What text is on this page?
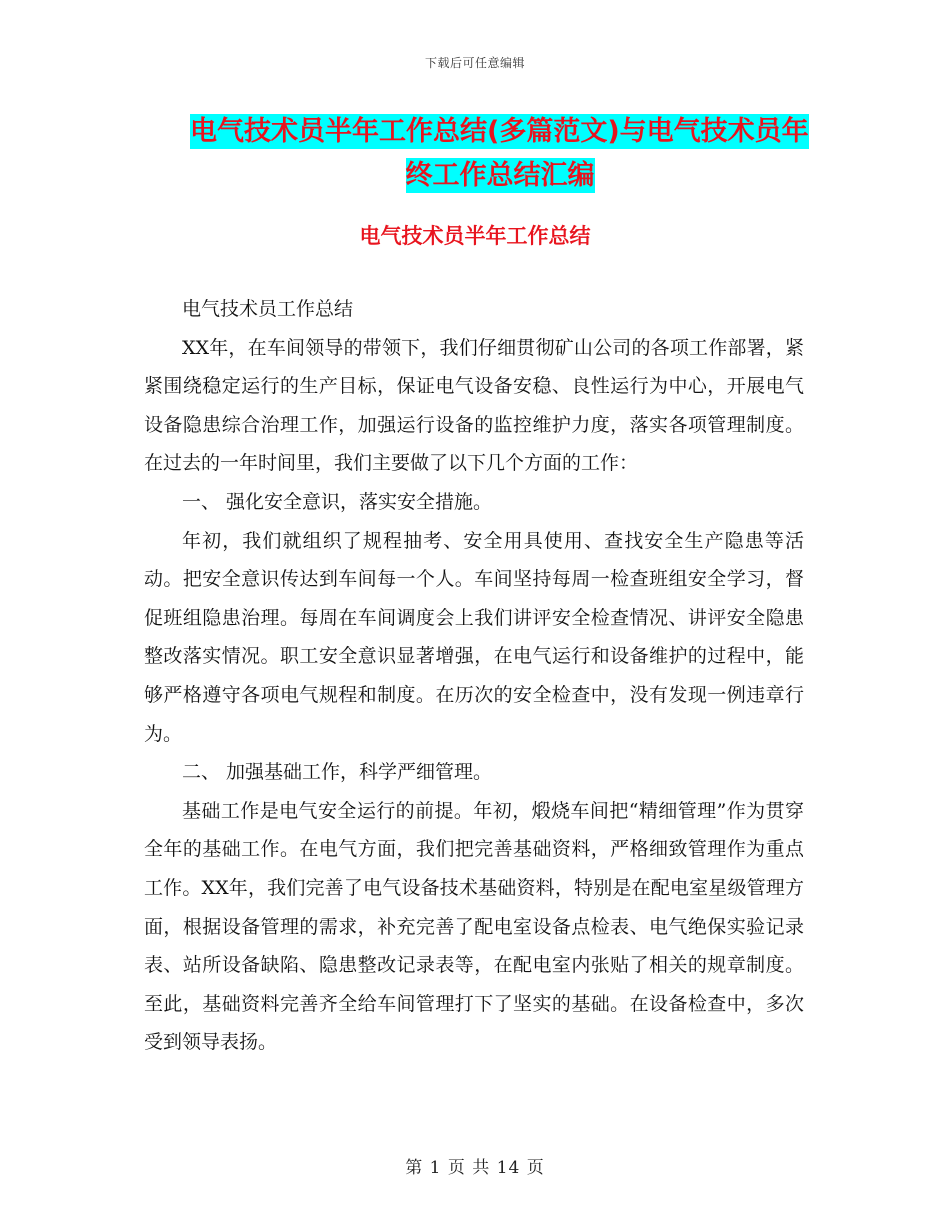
下载后可任意编辑
电气技术员半年工作总结(多篇范文)与电气技术员年
终工作总结汇编
电气技术员半年工作总结

电气技术员工作总结

XX年，在车间领导的带领下，我们仔细贯彻矿山公司的各项工作部署，紧紧围绕稳定运行的生产目标，保证电气设备安稳、良性运行为中心，开展电气设备隐患综合治理工作，加强运行设备的监控维护力度，落实各项管理制度。在过去的一年时间里，我们主要做了以下几个方面的工作：

一、 强化安全意识，落实安全措施。

年初，我们就组织了规程抽考、安全用具使用、查找安全生产隐患等活动。把安全意识传达到车间每一个人。车间坚持每周一检查班组安全学习，督促班组隐患治理。每周在车间调度会上我们讲评安全检查情况、讲评安全隐患整改落实情况。职工安全意识显著增强，在电气运行和设备维护的过程中，能够严格遵守各项电气规程和制度。在历次的安全检查中，没有发现一例违章行为。

二、 加强基础工作，科学严细管理。

基础工作是电气安全运行的前提。年初，煅烧车间把“精细管理”作为贯穿全年的基础工作。在电气方面，我们把完善基础资料，严格细致管理作为重点工作。XX年，我们完善了电气设备技术基础资料，特别是在配电室星级管理方面，根据设备管理的需求，补充完善了配电室设备点检表、电气绝保实验记录表、站所设备缺陷、隐患整改记录表等，在配电室内张贴了相关的规章制度。至此，基础资料完善齐全给车间管理打下了坚实的基础。在设备检查中，多次受到领导表扬。

第 1 页 共 14 页
